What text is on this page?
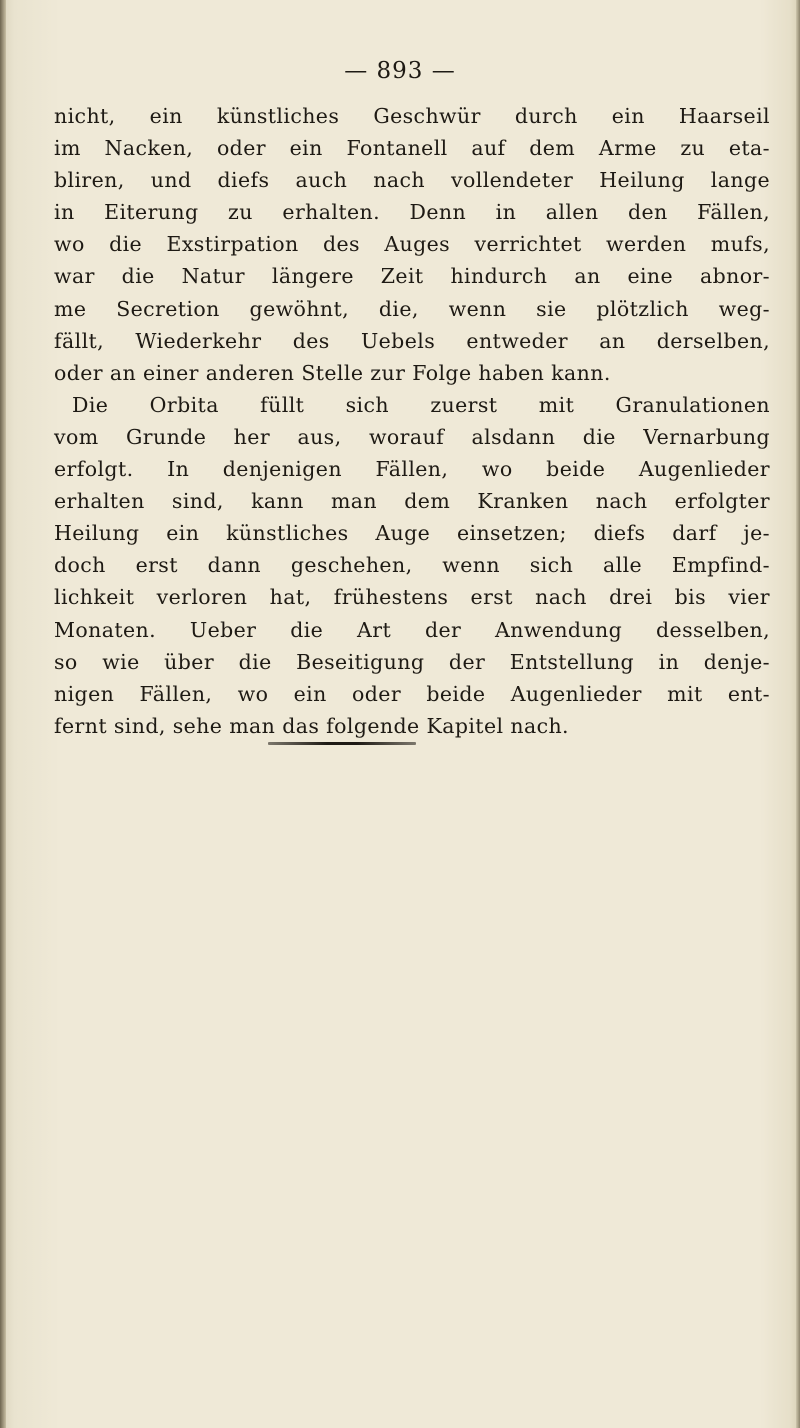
— 893 —
nicht, ein künstliches Geschwür durch ein Haarseil
im Nacken, oder ein Fontanell auf dem Arme zu eta-
bliren, und diefs auch nach vollendeter Heilung lange
in Eiterung zu erhalten. Denn in allen den Fällen,
wo die Exstirpation des Auges verrichtet werden mufs,
war die Natur längere Zeit hindurch an eine abnor-
me Secretion gewöhnt, die, wenn sie plötzlich weg-
fällt, Wiederkehr des Uebels entweder an derselben,
oder an einer anderen Stelle zur Folge haben kann.
Die Orbita füllt sich zuerst mit Granulationen
vom Grunde her aus, worauf alsdann die Vernarbung
erfolgt. In denjenigen Fällen, wo beide Augenlieder
erhalten sind, kann man dem Kranken nach erfolgter
Heilung ein künstliches Auge einsetzen; diefs darf je-
doch erst dann geschehen, wenn sich alle Empfind-
lichkeit verloren hat, frühestens erst nach drei bis vier
Monaten. Ueber die Art der Anwendung desselben,
so wie über die Beseitigung der Entstellung in denje-
nigen Fällen, wo ein oder beide Augenlieder mit ent-
fernt sind, sehe man das folgende Kapitel nach.
